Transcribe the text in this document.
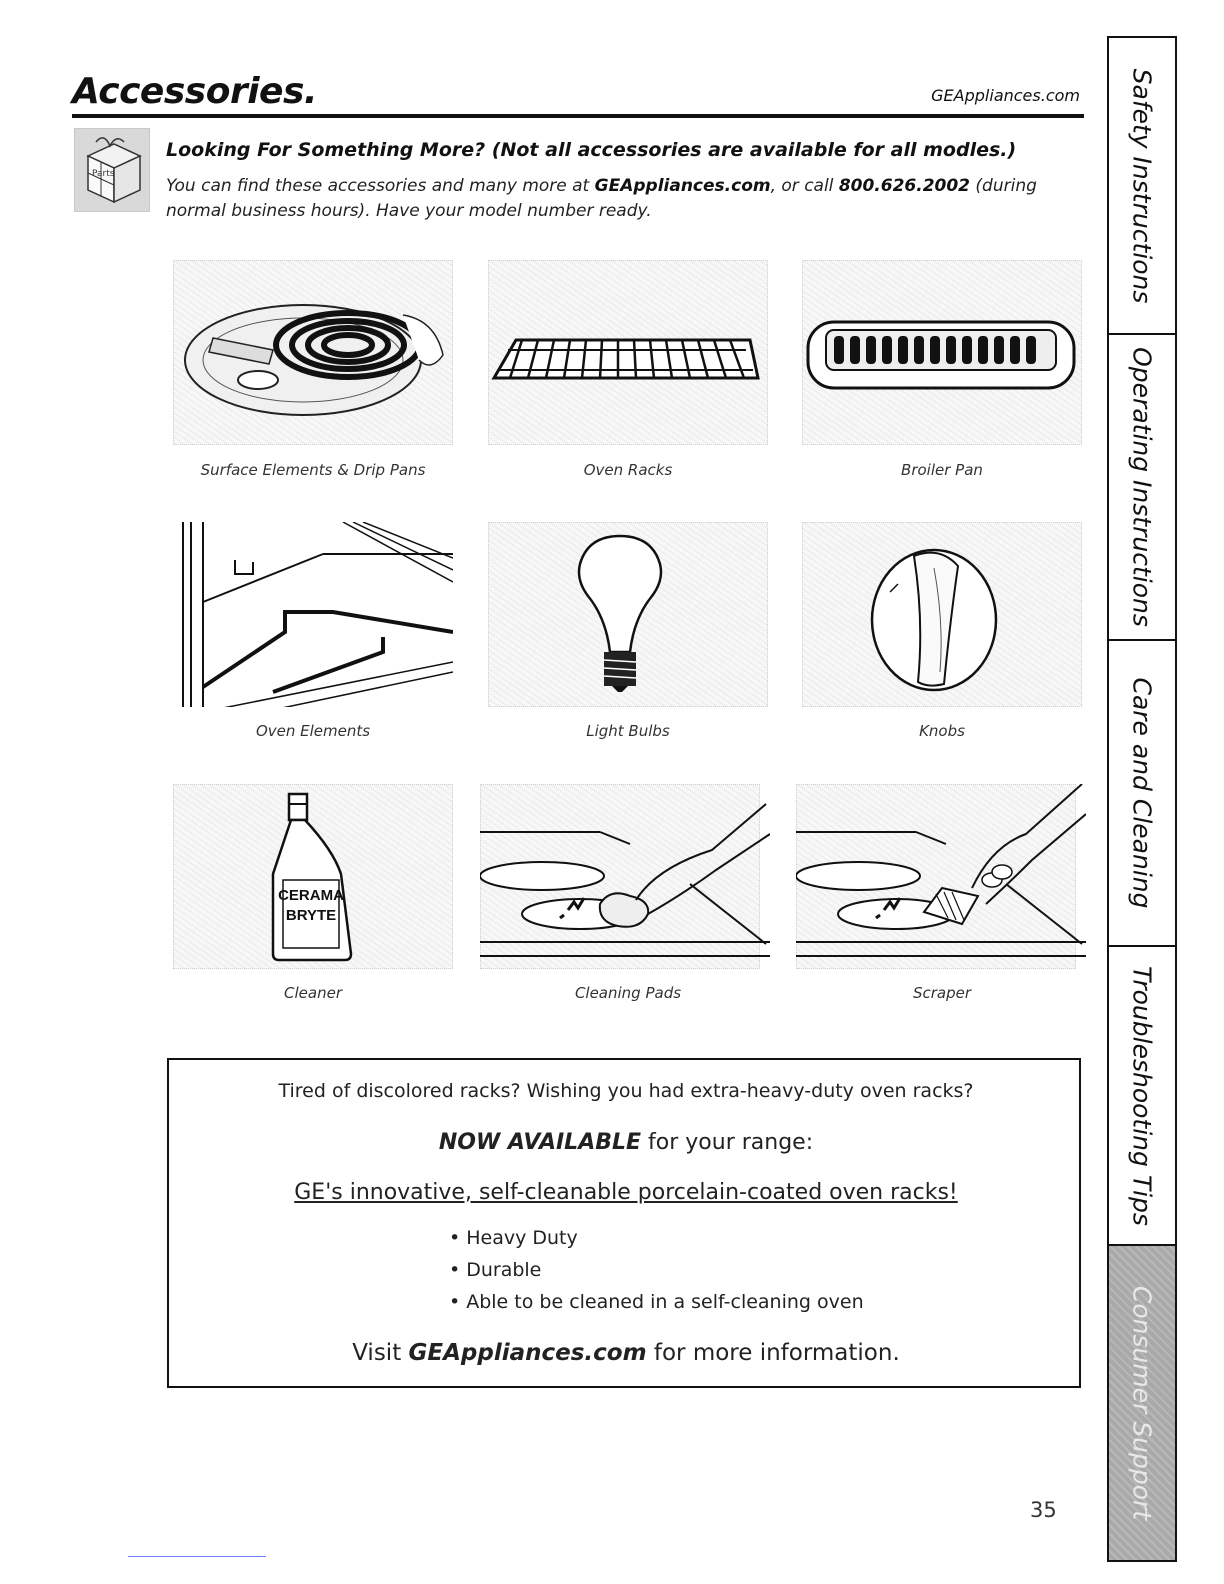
Accessories.	GEAppliances.com
Parts
Looking For Something More? (Not all accessories are available for all modles.)
You can find these accessories and many more at GEAppliances.com, or call 800.626.2002 (during normal business hours). Have your model number ready.
Surface Elements & Drip Pans	Oven Racks	Broiler Pan
Oven Elements	Light Bulbs	Knobs
CERAMA
BRYTE
Cleaner	Cleaning Pads	Scraper
Tired of discolored racks? Wishing you had extra-heavy-duty oven racks?
NOW AVAILABLE for your range:
GE's innovative, self-cleanable porcelain-coated oven racks!
• Heavy Duty
• Durable
• Able to be cleaned in a self-cleaning oven
Visit GEAppliances.com for more information.
Safety Instructions
Operating Instructions
Care and Cleaning
Troubleshooting Tips
Consumer Support
35
